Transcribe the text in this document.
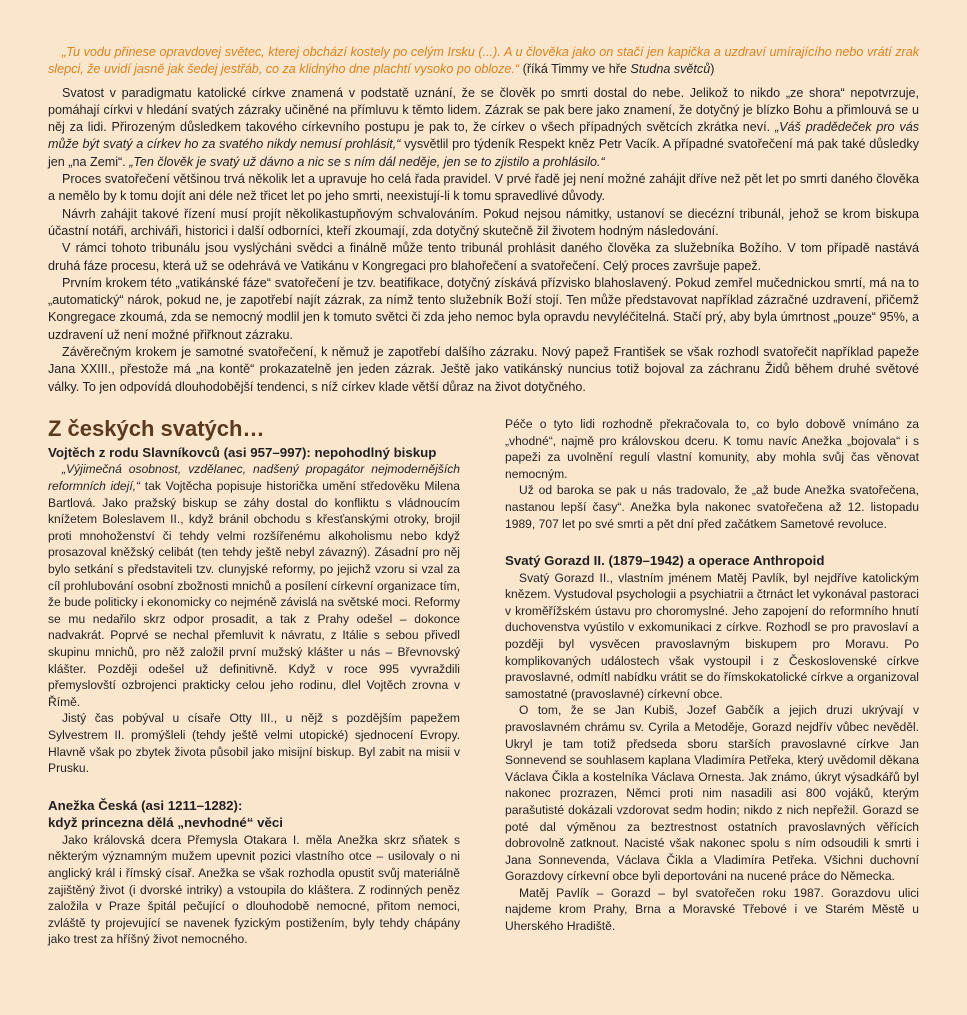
„Tu vodu přinese opravdovej světec, kterej obchází kostely po celým Irsku (...). A u člověka jako on stačí jen kapička a uzdraví umírajícího nebo vrátí zrak slepci, že uvidí jasně jak šedej jestřáb, co za klidnýho dne plachtí vysoko po obloze.“ (říká Timmy ve hře Studna světců)

Svatost v paradigmatu katolické církve znamená v podstatě uznání, že se člověk po smrti dostal do nebe. Jelikož to nikdo „ze shora“ nepotvrzuje, pomáhají církvi v hledání svatých zázraky učiněné na přímluvu k těmto lidem. Zázrak se pak bere jako znamení, že dotyčný je blízko Bohu a přimlouvá se u něj za lidi. Přirozeným důsledkem takového církevního postupu je pak to, že církev o všech případných světcích zkrátka neví. „Váš pradědeček pro vás může být svatý a církev ho za svatého nikdy nemusí prohlásit,“ vysvětlil pro týdeník Respekt kněz Petr Vacík. A případné svatořečení má pak také důsledky jen „na Zemi“. „Ten člověk je svatý už dávno a nic se s ním dál neděje, jen se to zjistilo a prohlásilo.“

Proces svatořečení většinou trvá několik let a upravuje ho celá řada pravidel. V prvé řadě jej není možné zahájit dříve než pět let po smrti daného člověka a nemělo by k tomu dojít ani déle než třicet let po jeho smrti, neexistují-li k tomu spravedlivé důvody.

Návrh zahájit takové řízení musí projít několikastupňovým schvalováním. Pokud nejsou námitky, ustanoví se diecézní tribunál, jehož se krom biskupa účastní notáři, archiváři, historici i další odborníci, kteří zkoumají, zda dotyčný skutečně žil životem hodným následování.

V rámci tohoto tribunálu jsou vyslýcháni svědci a finálně může tento tribunál prohlásit daného člověka za služebníka Božího. V tom případě nastává druhá fáze procesu, která už se odehrává ve Vatikánu v Kongregaci pro blahořečení a svatořečení. Celý proces završuje papež.

Prvním krokem této „vatikánské fáze“ svatořečení je tzv. beatifikace, dotyčný získává přízvisko blahoslavený. Pokud zemřel mučednickou smrtí, má na to „automatický“ nárok, pokud ne, je zapotřebí najít zázrak, za nímž tento služebník Boží stojí. Ten může představovat například zázračné uzdravení, přičemž Kongregace zkoumá, zda se nemocný modlil jen k tomuto světci či zda jeho nemoc byla opravdu nevyléčitelná. Stačí prý, aby byla úmrtnost „pouze“ 95%, a uzdravení už není možné přiřknout zázraku.

Závěrečným krokem je samotné svatořečení, k němuž je zapotřebí dalšího zázraku. Nový papež František se však rozhodl svatořečit například papeže Jana XXIII., přestože má „na kontě“ prokazatelně jen jeden zázrak. Ještě jako vatikánský nuncius totiž bojoval za záchranu Židů během druhé světové války. To jen odpovídá dlouhodobější tendenci, s níž církev klade větší důraz na život dotyčného.

Z českých svatých…
Vojtěch z rodu Slavníkovců (asi 957–997): nepohodlný biskup

„Výjimečná osobnost, vzdělanec, nadšený propagátor nejmodernějších reformních idejí,“ tak Vojtěcha popisuje historička umění středověku Milena Bartlová. Jako pražský biskup se záhy dostal do konfliktu s vládnoucím knížetem Boleslavem II., když bránil obchodu s křesťanskými otroky, brojil proti mnohoženství či tehdy velmi rozšířenému alkoholismu nebo když prosazoval kněžský celibát (ten tehdy ještě nebyl závazný). Zásadní pro něj bylo setkání s představiteli tzv. clunyjské reformy, po jejichž vzoru si vzal za cíl prohlubování osobní zbožnosti mnichů a posílení církevní organizace tím, že bude politicky i ekonomicky co nejméně závislá na světské moci. Reformy se mu nedařilo skrz odpor prosadit, a tak z Prahy odešel – dokonce nadvakrát. Poprvé se nechal přemluvit k návratu, z Itálie s sebou přivedl skupinu mnichů, pro něž založil první mužský klášter u nás – Břevnovský klášter. Později odešel už definitivně. Když v roce 995 vyvraždili přemyslovští ozbrojenci prakticky celou jeho rodinu, dlel Vojtěch zrovna v Římě.

Jistý čas pobýval u císaře Otty III., u nějž s pozdějším papežem Sylvestrem II. promýšleli (tehdy ještě velmi utopické) sjednocení Evropy. Hlavně však po zbytek života působil jako misijní biskup. Byl zabit na misii v Prusku.

Anežka Česká (asi 1211–1282):
když princezna dělá „nevhodné“ věci

Jako královská dcera Přemysla Otakara I. měla Anežka skrz sňatek s některým významným mužem upevnit pozici vlastního otce – usilovaly o ni anglický král i římský císař. Anežka se však rozhodla opustit svůj materiálně zajištěný život (i dvorské intriky) a vstoupila do kláštera. Z rodinných peněz založila v Praze špitál pečující o dlouhodobě nemocné, přitom nemoci, zvláště ty projevující se navenek fyzickým postižením, byly tehdy chápány jako trest za hříšný život nemocného.

Péče o tyto lidi rozhodně překračovala to, co bylo dobově vnímáno za „vhodné“, najmě pro královskou dceru. K tomu navíc Anežka „bojovala“ i s papeži za uvolnění regulí vlastní komunity, aby mohla svůj čas věnovat nemocným.

Už od baroka se pak u nás tradovalo, že „až bude Anežka svatořečena, nastanou lepší časy“. Anežka byla nakonec svatořečena až 12. listopadu 1989, 707 let po své smrti a pět dní před začátkem Sametové revoluce.

Svatý Gorazd II. (1879–1942) a operace Anthropoid

Svatý Gorazd II., vlastním jménem Matěj Pavlík, byl nejdříve katolickým knězem. Vystudoval psychologii a psychiatrii a čtrnáct let vykonával pastoraci v kroměřížském ústavu pro choromyslné. Jeho zapojení do reformního hnutí duchovenstva vyústilo v exkomunikaci z církve. Rozhodl se pro pravoslaví a později byl vysvěcen pravoslavným biskupem pro Moravu. Po komplikovaných událostech však vystoupil i z Československé církve pravoslavné, odmítl nabídku vrátit se do římskokatolické církve a organizoval samostatné (pravoslavné) církevní obce.

O tom, že se Jan Kubiš, Jozef Gabčík a jejich druzi ukrývají v pravoslavném chrámu sv. Cyrila a Metoděje, Gorazd nejdřív vůbec nevěděl. Ukryl je tam totiž předseda sboru starších pravoslavné církve Jan Sonnevend se souhlasem kaplana Vladimíra Petřeka, který uvědomil děkana Václava Čikla a kostelníka Václava Ornesta. Jak známo, úkryt výsadkářů byl nakonec prozrazen, Němci proti nim nasadili asi 800 vojáků, kterým parašutisté dokázali vzdorovat sedm hodin; nikdo z nich nepřežil. Gorazd se poté dal výměnou za beztrestnost ostatních pravoslavných věřících dobrovolně zatknout. Nacisté však nakonec spolu s ním odsoudili k smrti i Jana Sonnevenda, Václava Čikla a Vladimíra Petřeka. Všichni duchovní Gorazdovy církevní obce byli deportováni na nucené práce do Německa.

Matěj Pavlík – Gorazd – byl svatořečen roku 1987. Gorazdovu ulici najdeme krom Prahy, Brna a Moravské Třebové i ve Starém Městě u Uherského Hradiště.
